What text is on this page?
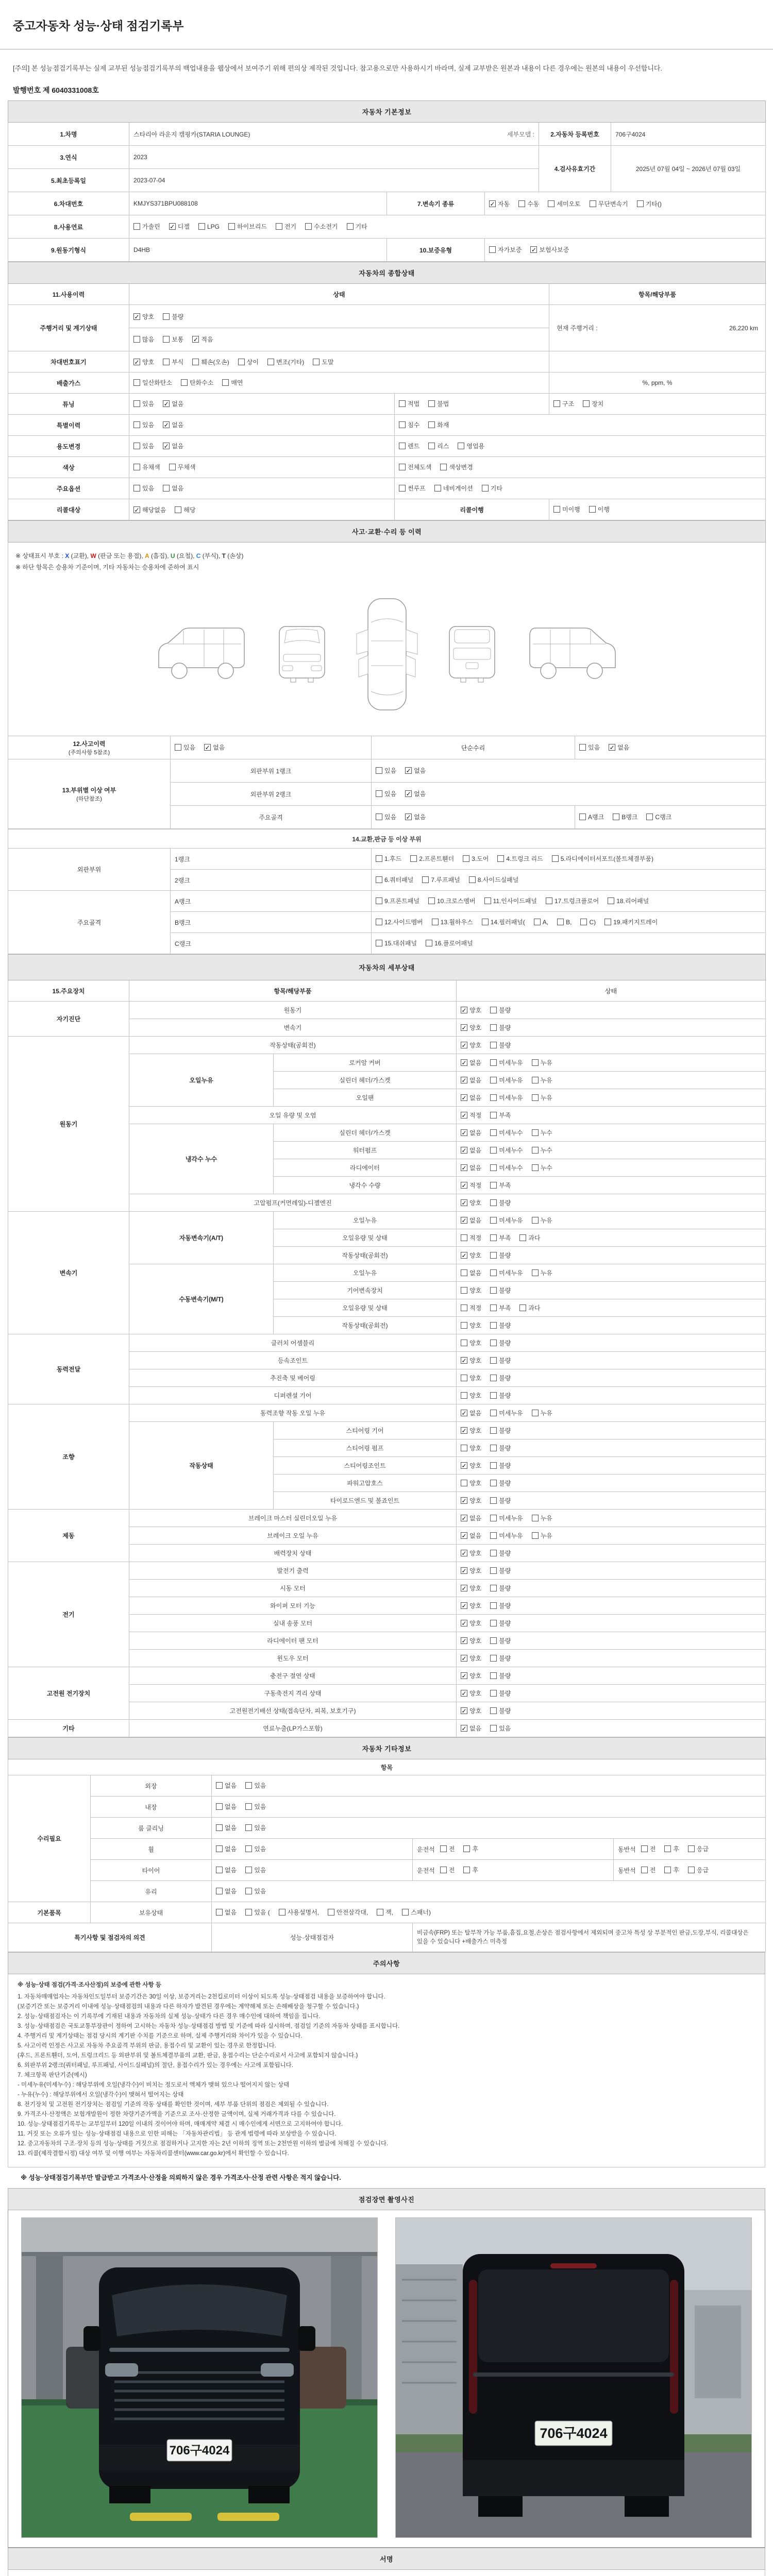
중고자동차 성능·상태 점검기록부
[주의] 본 성능점검기록부는 실제 교부된 성능점검기록부의 백업내용을 웹상에서 보여주기 위해 편의상 제작된 것입니다. 참고용으로만 사용하시기 바라며, 실제 교부받은 원본과 내용이 다른 경우에는 원본의 내용이 우선합니다.
발행번호 제 6040331008호
자동차 기본정보					
1.차명	스타리아 라운지 캠핑카(STARIA LOUNGE) 세부모델 :			2.자동차 등록번호	706구4024
3.연식	2023			4.검사유효기간	2025년 07월 04일 ~ 2026년 07월 03일
5.최초등록일	2023-07-04				
6.차대번호	KMJYS371BPU088108	7.변속기 종류	✓ 자동	수동	세미오토	무단변속기	기타()

8.사용연료	가솔린 ✓ 디젤	LPG	하이브리드	전기	수소전기	기타

9.원동기형식	D4HB	10.보증유형	자가보증 ✓ 보험사보증		
자동차의 종합상태			
11.사용이력	상태		항목/해당부품
주행거리 및 계기상태	✓ 양호 불량		현재 주행거리 : 26,220 km

	많음 보통 ✓ 적음		

차대번호표기	✓ 양호	부식	훼손(오손)	상이	변조(기타)	도말

배출가스	일산화탄소 탄화수소 매연		%, ppm, %
튜닝	있음 ✓ 없음	적법 불법	구조 장치

특별이력	있음 ✓ 없음	침수 화재	

용도변경	있음 ✓ 없음	렌트 리스 영업용	

색상	유채색 무채색	전체도색 색상변경	

주요옵션	있음 없음	썬루프 네비게이션 기타	

리콜대상	✓ 해당없음 해당	리콜이행	미이행 이행
사고·교환·수리 등 이력			

※ 상태표시 부호 : X (교환), W (판금 또는 용접), A (흠집), U (요철), C (부식), T (손상)
※ 하단 항목은 승용차 기준이며, 기타 자동차는 승용차에 준하여 표시			

12.사고이력
(주의사항 5참조)

있음 ✓ 없음	단순수리	있음 ✓ 없음

13.부위별 이상 여부
(하단참조)
	외판부위 1랭크	있음 ✓ 없음

	외판부위 2랭크	있음 ✓ 없음	

	주요골격	있음 ✓ 없음	A랭크 B랭크 C랭크
14.교환,판금 등 이상 부위		
외판부위	1랭크	1.후드 2.프론트휀더 3.도어 4.트렁크 리드 5.라디에이터서포트(볼트체결부품)

	2랭크	6.쿼터패널 7.루프패널 8.사이드실패널

주요골격	A랭크	9.프론트패널 10.크로스멤버 11.인사이드패널 17.트렁크플로어 18.리어패널

B랭크	12.사이드멤버	13.휠하우스	14.필러패널(	A,	B,	C)	19.패키지트레이

	C랭크	15.대쉬패널 16.플로어패널
자동차의 세부상태			
15.주요장치	항목/해당부품		상태
자기진단	원동기		✓ 양호 불량

	변속기		✓ 양호 불량

원동기	작동상태(공회전)		✓ 양호 불량

	오일누유	로커암 커버	✓ 없음 미세누유 누유

		실린더 헤더/가스켓	✓ 없음 미세누유 누유

		오일팬	✓ 없음 미세누유 누유

	오일 유량 및 오염		✓ 적정 부족

	냉각수 누수	실린더 헤더/가스켓	✓ 없음 미세누수 누수

		워터펌프	✓ 없음 미세누수 누수

		라디에이터	✓ 없음 미세누수 누수

		냉각수 수량	✓ 적정 부족

	고압펌프(커먼레일)-디젤엔진		✓ 양호 불량

변속기	자동변속기(A/T)	오일누유	✓ 없음 미세누유 누유

		오일유량 및 상태	적정 부족 과다

		작동상태(공회전)	✓ 양호 불량

	수동변속기(M/T)	오일누유	없음 미세누유 누유

		기어변속장치	양호 불량

		오일유량 및 상태	적정 부족 과다

		작동상태(공회전)	양호 불량

동력전달	클러치 어셈블리		양호 불량

	등속조인트		✓ 양호 불량

	추진축 및 베어링		양호 불량

	디퍼렌셜 기어		양호 불량

조향	동력조향 작동 오일 누유		✓ 없음 미세누유 누유

	작동상태	스티어링 기어	✓ 양호 불량

		스티어링 펌프	양호 불량

		스티어링조인트	✓ 양호 불량

		파워고압호스	양호 불량

		타이로드엔드 및 볼죠인트	✓ 양호 불량

제동	브레이크 마스터 실린더오일 누유		✓ 없음 미세누유 누유

	브레이크 오일 누유		✓ 없음 미세누유 누유

	배력장치 상태		✓ 양호 불량

전기	발전기 출력		✓ 양호 불량

	시동 모터		✓ 양호 불량

	와이퍼 모터 기능		✓ 양호 불량

	실내 송풍 모터		✓ 양호 불량

	라디에이터 팬 모터		✓ 양호 불량

	윈도우 모터		✓ 양호 불량

고전원 전기장치	충전구 절연 상태		✓ 양호 불량

	구동축전지 격리 상태		✓ 양호 불량

	고전원전기배선 상태(접속단자, 피복, 보호기구)		✓ 양호 불량

기타	연료누출(LP가스포함)		✓ 없음 있음
자동차 기타정보				
항목				
수리필요	외장	없음 있음		

	내장	없음 있음		

	룸 클리닝	없음 있음		

	휠	없음 있음	운전석 전 후	동반석 전 후 응급

	타이어	없음 있음	운전석 전 후	동반석 전 후 응급

	유리	없음 있음		

기본품목	보유상태	없음	있음 (	사용설명서,	안전삼각대,	잭,	스패너)

특기사항 및 점검자의 의견		성능·상태점검자	비금속(FRP) 또는 탈부착 가능 부품,흠집,요철,손상은 점검사항에서 제외되며 중고차 특성 상 부분적인 판금,도장,부식, 리콜대상은 있을 수 있습니다 +배출가스 미측정	
주의사항

※ 성능·상태 점검(가격·조사산정)의 보증에 관한 사항 등
1. 자동차매매업자는 자동차인도일부터 보증기간은 30일 이상, 보증거리는 2천킬로미터 이상이 되도록 성능·상태점검 내용을 보증하여야 합니다.
(보증기간 또는 보증거리 이내에 성능·상태점검의 내용과 다른 하자가 발견된 경우에는 계약해제 또는 손해배상을 청구할 수 있습니다.)
2. 성능·상태점검자는 이 기록부에 기재된 내용과 자동차의 실제 성능·상태가 다른 경우 매수인에 대하여 책임을 집니다.
3. 성능·상태점검은 국토교통부장관이 정하여 고시하는 자동차 성능·상태점검 방법 및 기준에 따라 실시하며, 점검일 기준의 자동차 상태를 표시합니다.
4. 주행거리 및 계기상태는 점검 당시의 계기판 수치를 기준으로 하며, 실제 주행거리와 차이가 있을 수 있습니다.
5. 사고이력 인정은 사고로 자동차 주요골격 부위의 판금, 용접수리 및 교환이 있는 경우로 한정합니다.
(후드, 프론트휀더, 도어, 트렁크리드 등 외판부위 및 볼트체결부품의 교환, 판금, 용접수리는 단순수리로서 사고에 포함되지 않습니다.)
6. 외판부위 2랭크(쿼터패널, 루프패널, 사이드실패널)의 절단, 용접수리가 있는 경우에는 사고에 포함됩니다.
7. 체크항목 판단기준(예시)
- 미세누유(미세누수) : 해당부위에 오일(냉각수)이 비치는 정도로서 액체가 맺혀 있으나 떨어지지 않는 상태
- 누유(누수) : 해당부위에서 오일(냉각수)이 맺혀서 떨어지는 상태
8. 전기장치 및 고전원 전기장치는 점검일 기준의 작동 상태를 확인한 것이며, 세부 부품 단위의 점검은 제외될 수 있습니다.
9. 가격조사·산정액은 보험개발원이 정한 차량기준가액을 기준으로 조사·산정한 금액이며, 실제 거래가격과 다를 수 있습니다.
10. 성능·상태점검기록부는 교부일부터 120일 이내의 것이어야 하며, 매매계약 체결 시 매수인에게 서면으로 고지하여야 합니다.
11. 거짓 또는 오류가 있는 성능·상태점검 내용으로 인한 피해는 「자동차관리법」 등 관계 법령에 따라 보상받을 수 있습니다.
12. 중고자동차의 구조·장치 등의 성능·상태를 거짓으로 점검하거나 고지한 자는 2년 이하의 징역 또는 2천만원 이하의 벌금에 처해질 수 있습니다.
13. 리콜(제작결함시정) 대상 여부 및 이행 여부는 자동차리콜센터(www.car.go.kr)에서 확인할 수 있습니다.
※ 성능·상태점검기록부만 발급받고 가격조사·산정을 의뢰하지 않은 경우 가격조사·산정 관련 사항은 적지 않습니다.
점검장면 촬영사진

706구4024
706구4024
서명
